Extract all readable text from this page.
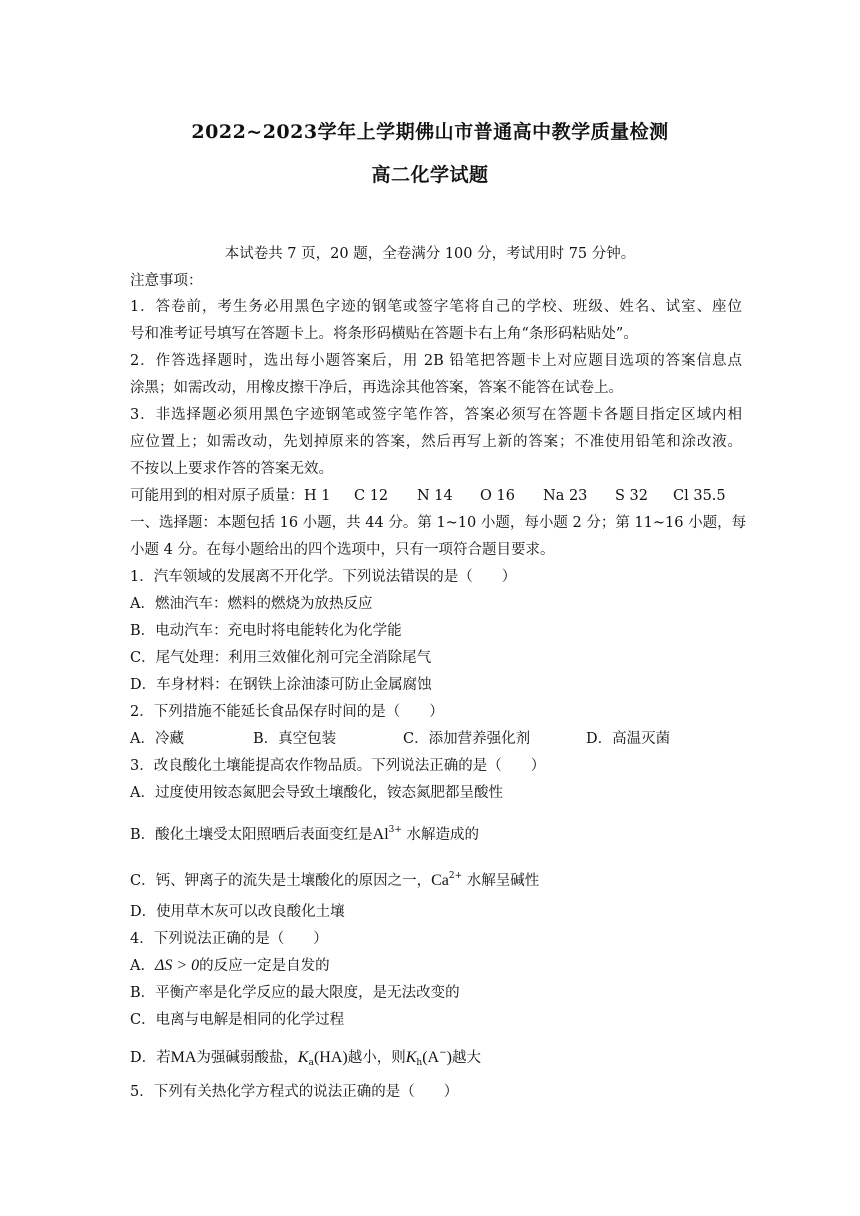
2022~2023学年上学期佛山市普通高中教学质量检测
高二化学试题
本试卷共 7 页，20 题，全卷满分 100 分，考试用时 75 分钟。
注意事项：
1．答卷前，考生务必用黑色字迹的钢笔或签字笔将自己的学校、班级、姓名、试室、座位
号和准考证号填写在答题卡上。将条形码横贴在答题卡右上角“条形码粘贴处”。
2．作答选择题时，选出每小题答案后，用 2B 铅笔把答题卡上对应题目选项的答案信息点
涂黑；如需改动，用橡皮擦干净后，再选涂其他答案，答案不能答在试卷上。
3．非选择题必须用黑色字迹钢笔或签字笔作答，答案必须写在答题卡各题目指定区域内相
应位置上；如需改动，先划掉原来的答案，然后再写上新的答案；不准使用铅笔和涂改液。
不按以上要求作答的答案无效。
可能用到的相对原子质量：H 1 C 12 N 14 O 16 Na 23 S 32 Cl 35.5
一、选择题：本题包括 16 小题，共 44 分。第 1~10 小题，每小题 2 分；第 11~16 小题，每
小题 4 分。在每小题给出的四个选项中，只有一项符合题目要求。
1．汽车领域的发展离不开化学。下列说法错误的是（　　）
A．燃油汽车：燃料的燃烧为放热反应
B．电动汽车：充电时将电能转化为化学能
C．尾气处理：利用三效催化剂可完全消除尾气
D．车身材料：在钢铁上涂油漆可防止金属腐蚀
2．下列措施不能延长食品保存时间的是（　　）
A．冷藏	B．真空包装	C．添加营养强化剂	D．高温灭菌
3．改良酸化土壤能提高农作物品质。下列说法正确的是（　　）
A．过度使用铵态氮肥会导致土壤酸化，铵态氮肥都呈酸性
B．酸化土壤受太阳照晒后表面变红是$Al^{3+}$ 水解造成的
C．钙、钾离子的流失是土壤酸化的原因之一，$Ca^{2+}$ 水解呈碱性
D．使用草木灰可以改良酸化土壤
4．下列说法正确的是（　　）
A．ΔS > 0的反应一定是自发的
B．平衡产率是化学反应的最大限度，是无法改变的
C．电离与电解是相同的化学过程
D．若MA为强碱弱酸盐，$K_a(HA)$越小，则$K_h(A^-)$越大
5．下列有关热化学方程式的说法正确的是（　　）
